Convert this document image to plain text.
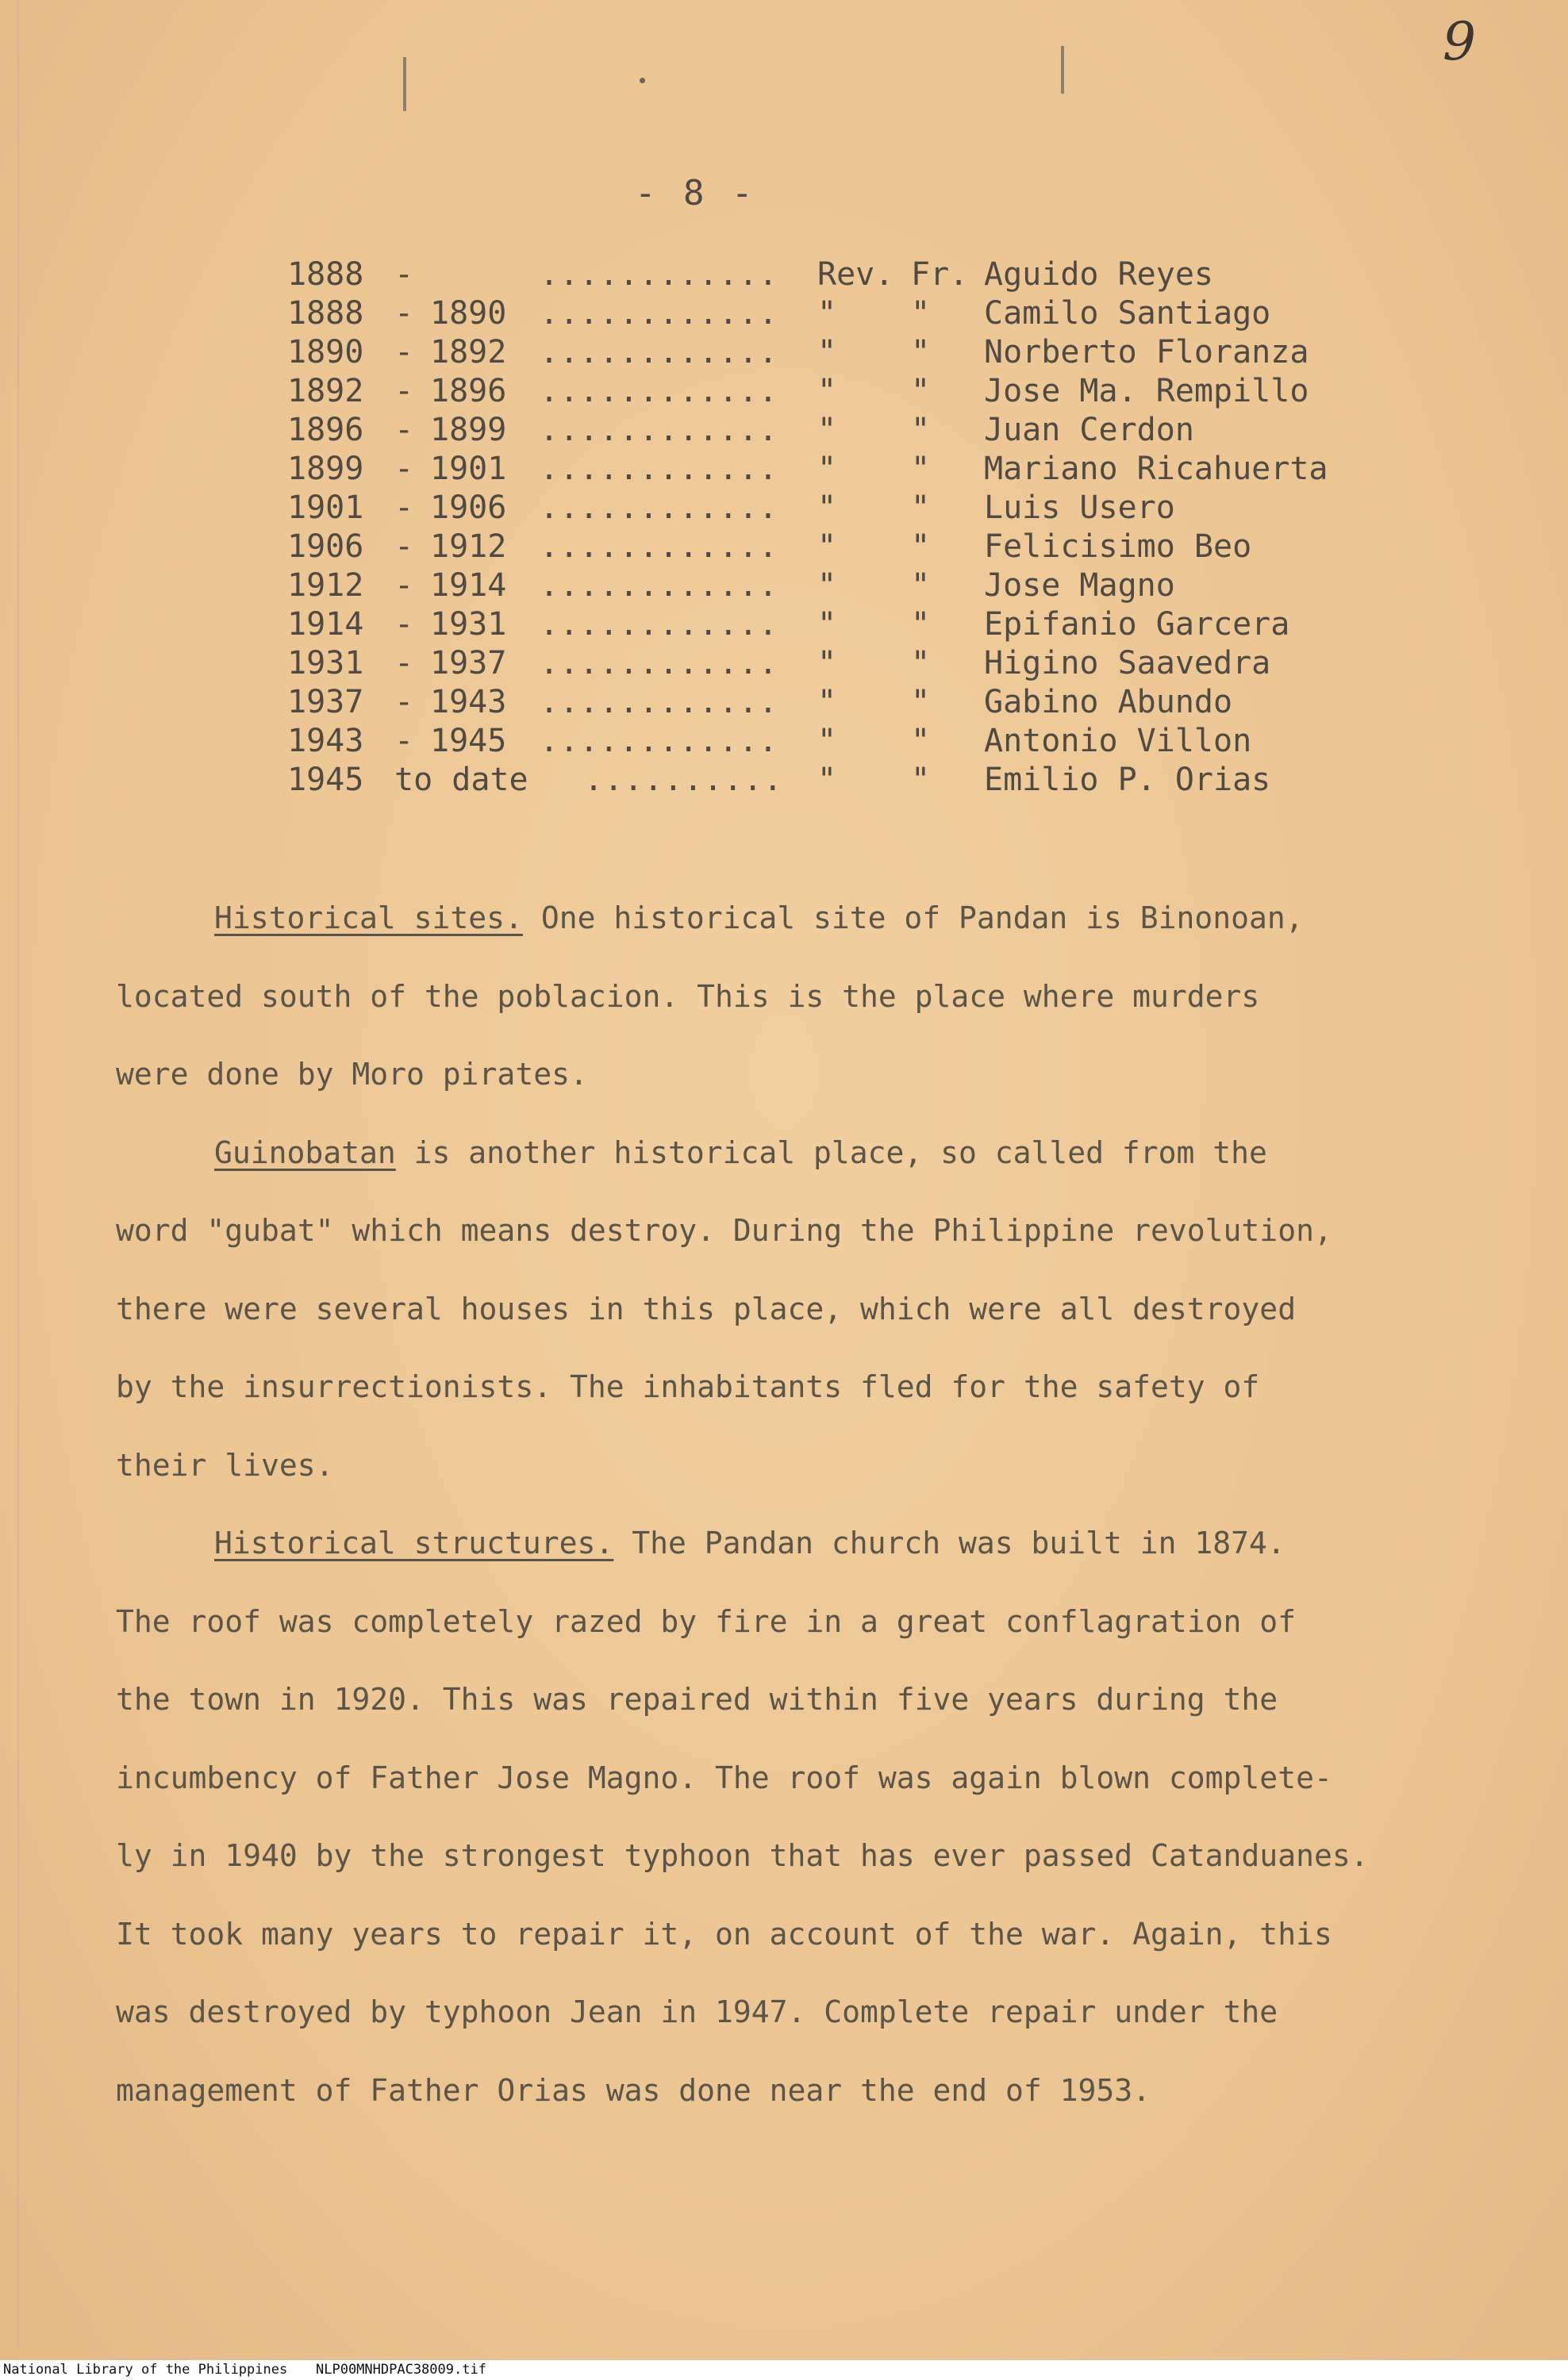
9
- 8 -
1888 -	............ Rev. Fr. Aguido Reyes
1888 - 1890 ............ " " Camilo Santiago
1890 - 1892 ............ " " Norberto Floranza
1892 - 1896 ............ " " Jose Ma. Rempillo
1896 - 1899 ............ " " Juan Cerdon
1899 - 1901 ............ " " Mariano Ricahuerta
1901 - 1906 ............ " " Luis Usero
1906 - 1912 ............ " " Felicisimo Beo
1912 - 1914 ............ " " Jose Magno
1914 - 1931 ............ " " Epifanio Garcera
1931 - 1937 ............ " " Higino Saavedra
1937 - 1943 ............ " " Gabino Abundo
1943 - 1945 ............ " " Antonio Villon
1945 to date .......... " " Emilio P. Orias

Historical sites. One historical site of Pandan is Binonoan,
located south of the poblacion. This is the place where murders
were done by Moro pirates.

Guinobatan is another historical place, so called from the
word "gubat" which means destroy. During the Philippine revolution,
there were several houses in this place, which were all destroyed
by the insurrectionists. The inhabitants fled for the safety of
their lives.

Historical structures. The Pandan church was built in 1874.
The roof was completely razed by fire in a great conflagration of
the town in 1920. This was repaired within five years during the
incumbency of Father Jose Magno. The roof was again blown complete-
ly in 1940 by the strongest typhoon that has ever passed Catanduanes.
It took many years to repair it, on account of the war. Again, this
was destroyed by typhoon Jean in 1947. Complete repair under the
management of Father Orias was done near the end of 1953.

National Library of the Philippines NLP00MNHDPAC38009.tif
